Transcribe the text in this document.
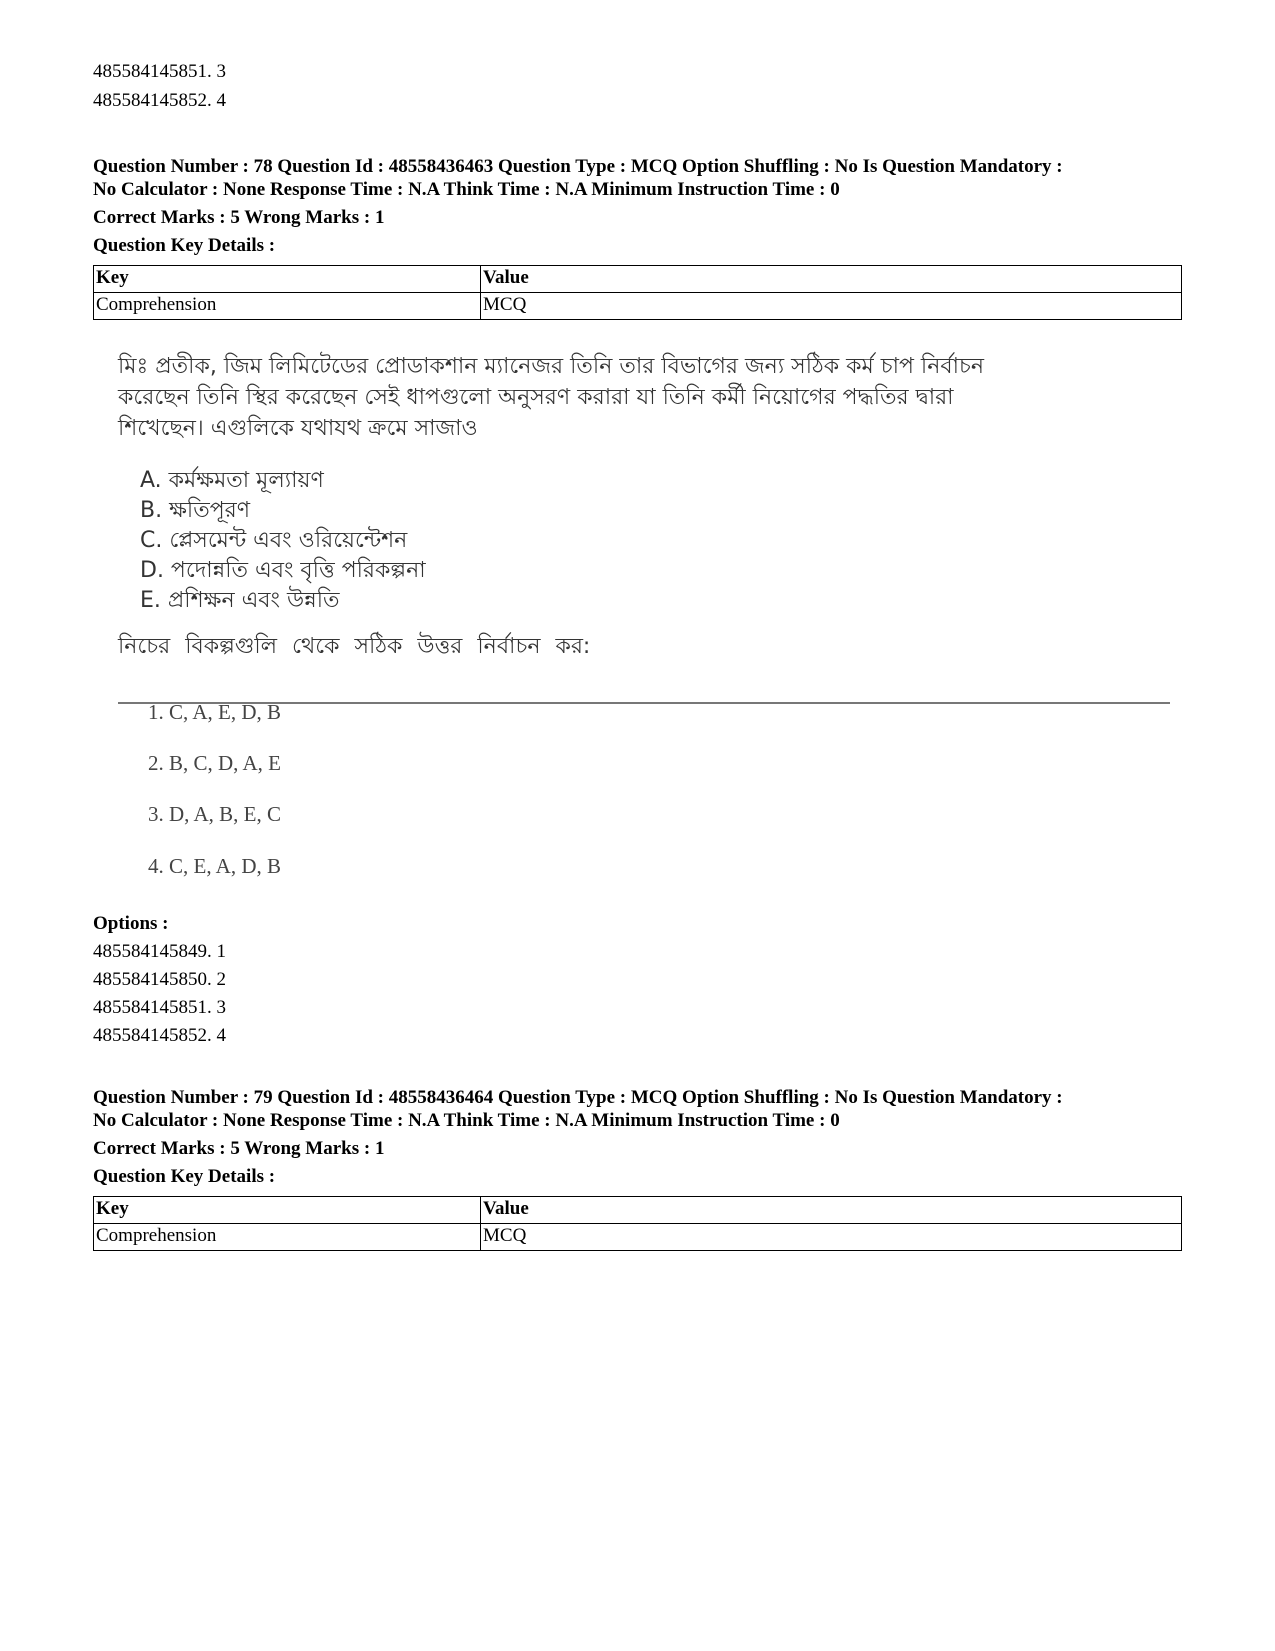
485584145851. 3
485584145852. 4
Question Number : 78 Question Id : 48558436463 Question Type : MCQ Option Shuffling : No Is Question Mandatory :
No Calculator : None Response Time : N.A Think Time : N.A Minimum Instruction Time : 0
Correct Marks : 5 Wrong Marks : 1
Question Key Details :
Key	Value
Comprehension	MCQ
মিঃ প্রতীক, জিম লিমিটেডের প্রোডাকশান ম্যানেজর তিনি তার বিভাগের জন্য সঠিক কর্ম চাপ নির্বাচন
করেছেন তিনি স্থির করেছেন সেই ধাপগুলো অনুসরণ করারা যা তিনি কর্মী নিয়োগের পদ্ধতির দ্বারা
শিখেছেন। এগুলিকে যথাযথ ক্রমে সাজাও
A. কর্মক্ষমতা মূল্যায়ণ
B. ক্ষতিপূরণ
C. প্লেসমেন্ট এবং ওরিয়েন্টেশন
D. পদোন্নতি এবং বৃত্তি পরিকল্পনা
E. প্রশিক্ষন এবং উন্নতি
নিচের বিকল্পগুলি থেকে সঠিক উত্তর নির্বাচন কর:
1. C, A, E, D, B
2. B, C, D, A, E
3. D, A, B, E, C
4. C, E, A, D, B
Options :
485584145849. 1
485584145850. 2
485584145851. 3
485584145852. 4
Question Number : 79 Question Id : 48558436464 Question Type : MCQ Option Shuffling : No Is Question Mandatory :
No Calculator : None Response Time : N.A Think Time : N.A Minimum Instruction Time : 0
Correct Marks : 5 Wrong Marks : 1
Question Key Details :
Key	Value
Comprehension	MCQ
